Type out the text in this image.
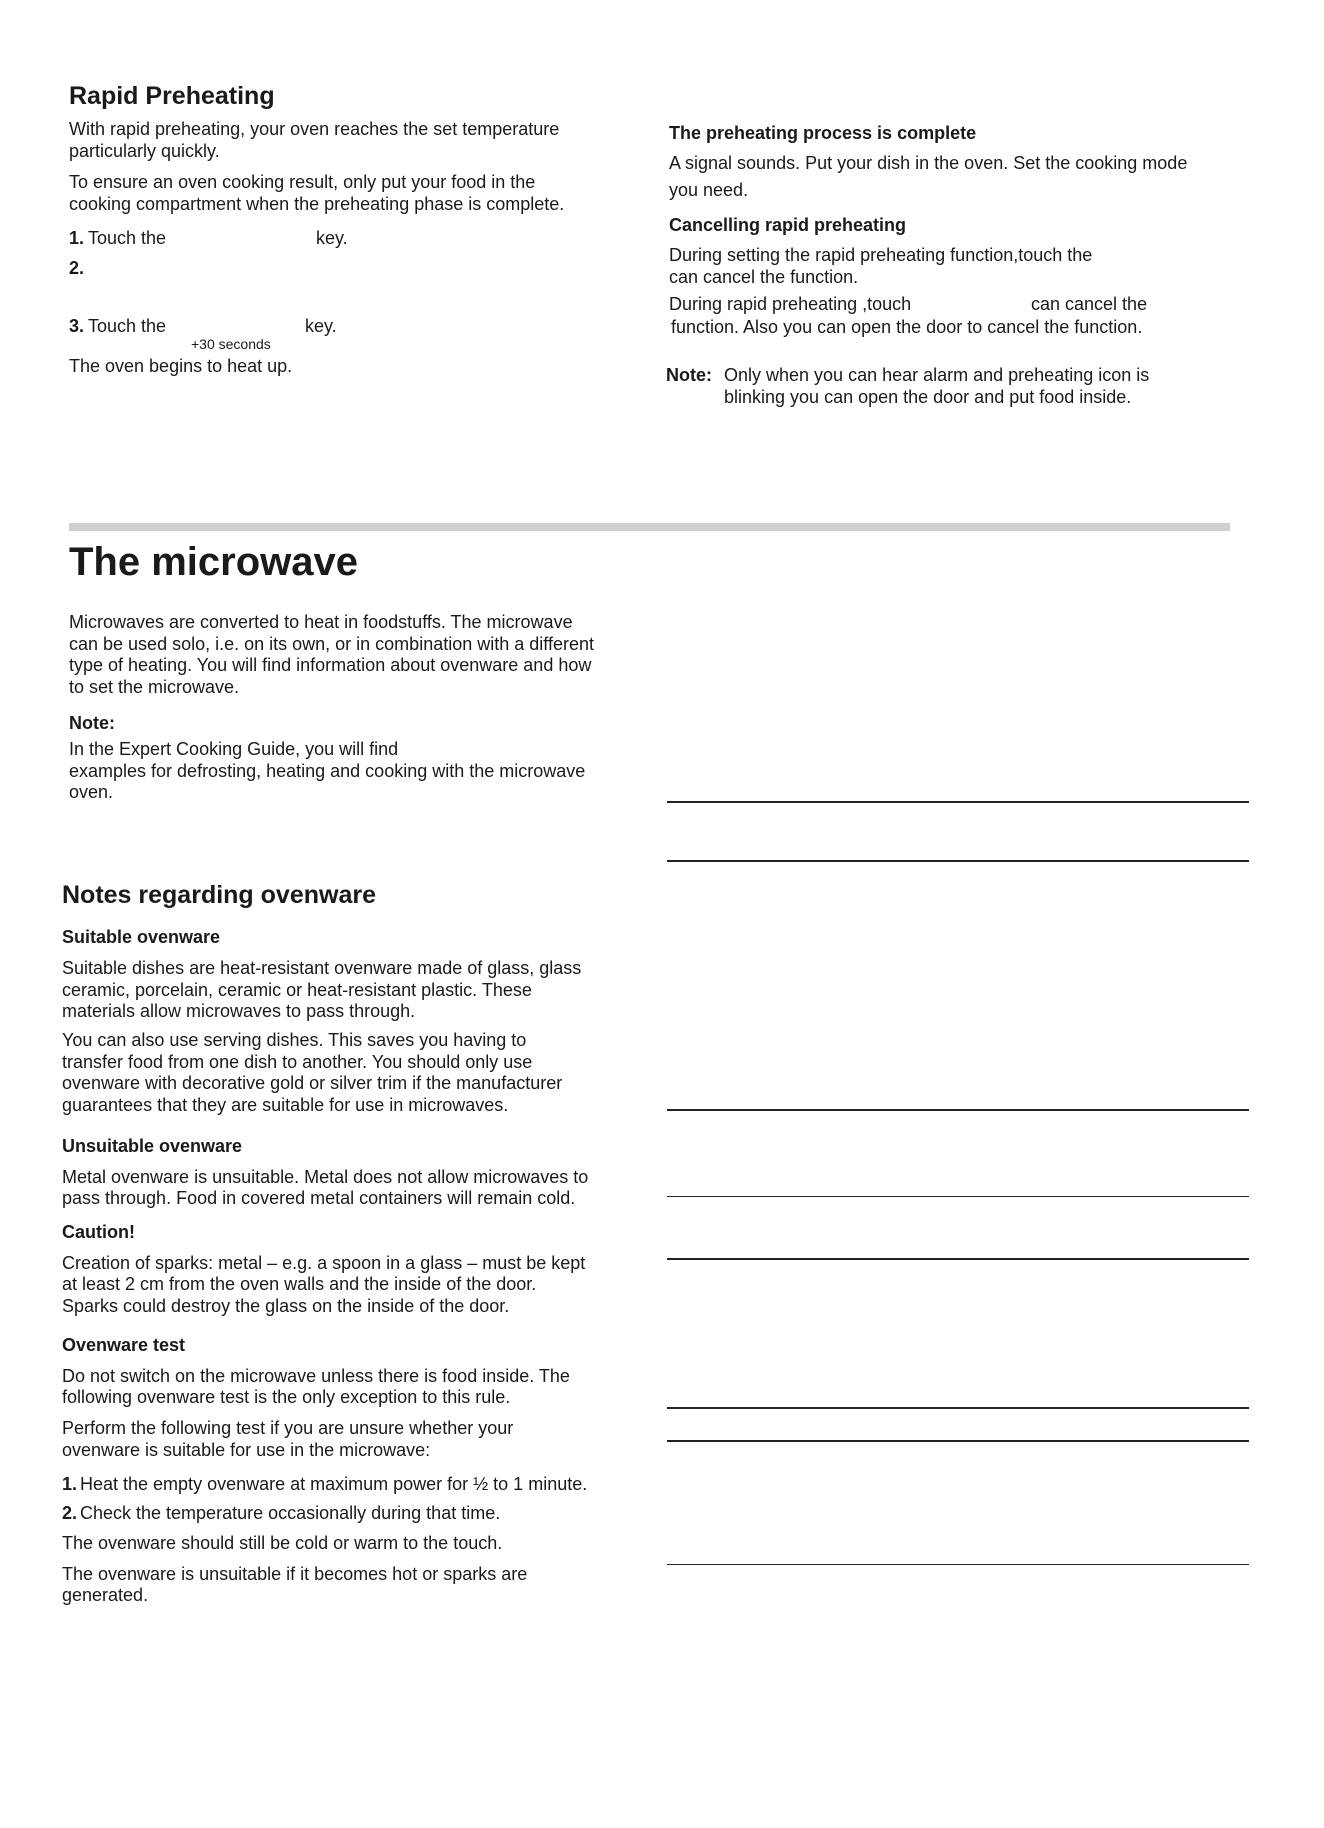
Rapid Preheating
With rapid preheating, your oven reaches the set temperature
particularly quickly.
To ensure an oven cooking result, only put your food in the
cooking compartment when the preheating phase is complete.
1. Touch the	key.
2.
3. Touch the	key.
+30 seconds
The oven begins to heat up.
The preheating process is complete
A signal sounds. Put your dish in the oven. Set the cooking mode
you need.
Cancelling rapid preheating
During setting the rapid preheating function,touch the
can cancel the function.
During rapid preheating ,touch	can cancel the
function. Also you can open the door to cancel the function.
Note: Only when you can hear alarm and preheating icon is
blinking you can open the door and put food inside.
The microwave
Microwaves are converted to heat in foodstuffs. The microwave
can be used solo, i.e. on its own, or in combination with a different
type of heating. You will find information about ovenware and how
to set the microwave.
Note:
In the Expert Cooking Guide, you will find
examples for defrosting, heating and cooking with the microwave
oven.
Notes regarding ovenware
Suitable ovenware
Suitable dishes are heat-resistant ovenware made of glass, glass
ceramic, porcelain, ceramic or heat-resistant plastic. These
materials allow microwaves to pass through.
You can also use serving dishes. This saves you having to
transfer food from one dish to another. You should only use
ovenware with decorative gold or silver trim if the manufacturer
guarantees that they are suitable for use in microwaves.
Unsuitable ovenware
Metal ovenware is unsuitable. Metal does not allow microwaves to
pass through. Food in covered metal containers will remain cold.
Caution!
Creation of sparks: metal – e.g. a spoon in a glass – must be kept
at least 2 cm from the oven walls and the inside of the door.
Sparks could destroy the glass on the inside of the door.
Ovenware test
Do not switch on the microwave unless there is food inside. The
following ovenware test is the only exception to this rule.
Perform the following test if you are unsure whether your
ovenware is suitable for use in the microwave:
1. Heat the empty ovenware at maximum power for ½ to 1 minute.
2. Check the temperature occasionally during that time.
The ovenware should still be cold or warm to the touch.
The ovenware is unsuitable if it becomes hot or sparks are
generated.
